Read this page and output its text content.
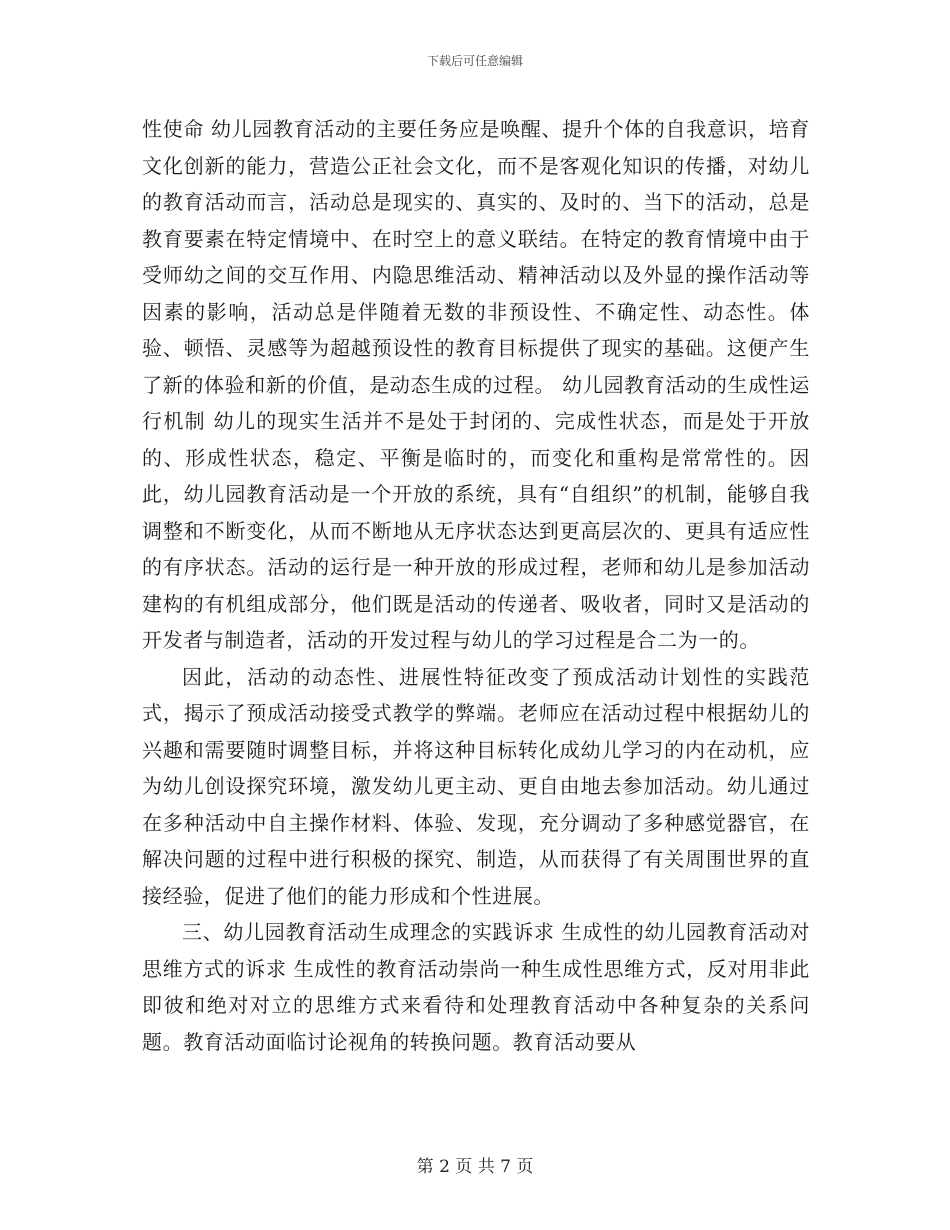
下载后可任意编辑

性使命 幼儿园教育活动的主要任务应是唤醒、提升个体的自我意识，培育文化创新的能力，营造公正社会文化，而不是客观化知识的传播，对幼儿的教育活动而言，活动总是现实的、真实的、及时的、当下的活动，总是教育要素在特定情境中、在时空上的意义联结。在特定的教育情境中由于受师幼之间的交互作用、内隐思维活动、精神活动以及外显的操作活动等因素的影响，活动总是伴随着无数的非预设性、不确定性、动态性。体验、顿悟、灵感等为超越预设性的教育目标提供了现实的基础。这便产生了新的体验和新的价值，是动态生成的过程。 幼儿园教育活动的生成性运行机制 幼儿的现实生活并不是处于封闭的、完成性状态，而是处于开放的、形成性状态，稳定、平衡是临时的，而变化和重构是常常性的。因此，幼儿园教育活动是一个开放的系统，具有“自组织”的机制，能够自我调整和不断变化，从而不断地从无序状态达到更高层次的、更具有适应性的有序状态。活动的运行是一种开放的形成过程，老师和幼儿是参加活动建构的有机组成部分，他们既是活动的传递者、吸收者，同时又是活动的开发者与制造者，活动的开发过程与幼儿的学习过程是合二为一的。

因此，活动的动态性、进展性特征改变了预成活动计划性的实践范式，揭示了预成活动接受式教学的弊端。老师应在活动过程中根据幼儿的兴趣和需要随时调整目标，并将这种目标转化成幼儿学习的内在动机，应为幼儿创设探究环境，激发幼儿更主动、更自由地去参加活动。幼儿通过在多种活动中自主操作材料、体验、发现，充分调动了多种感觉器官，在解决问题的过程中进行积极的探究、制造，从而获得了有关周围世界的直接经验，促进了他们的能力形成和个性进展。

三、幼儿园教育活动生成理念的实践诉求 生成性的幼儿园教育活动对思维方式的诉求 生成性的教育活动崇尚一种生成性思维方式，反对用非此即彼和绝对对立的思维方式来看待和处理教育活动中各种复杂的关系问题。教育活动面临讨论视角的转换问题。教育活动要从

第 2 页 共 7 页
